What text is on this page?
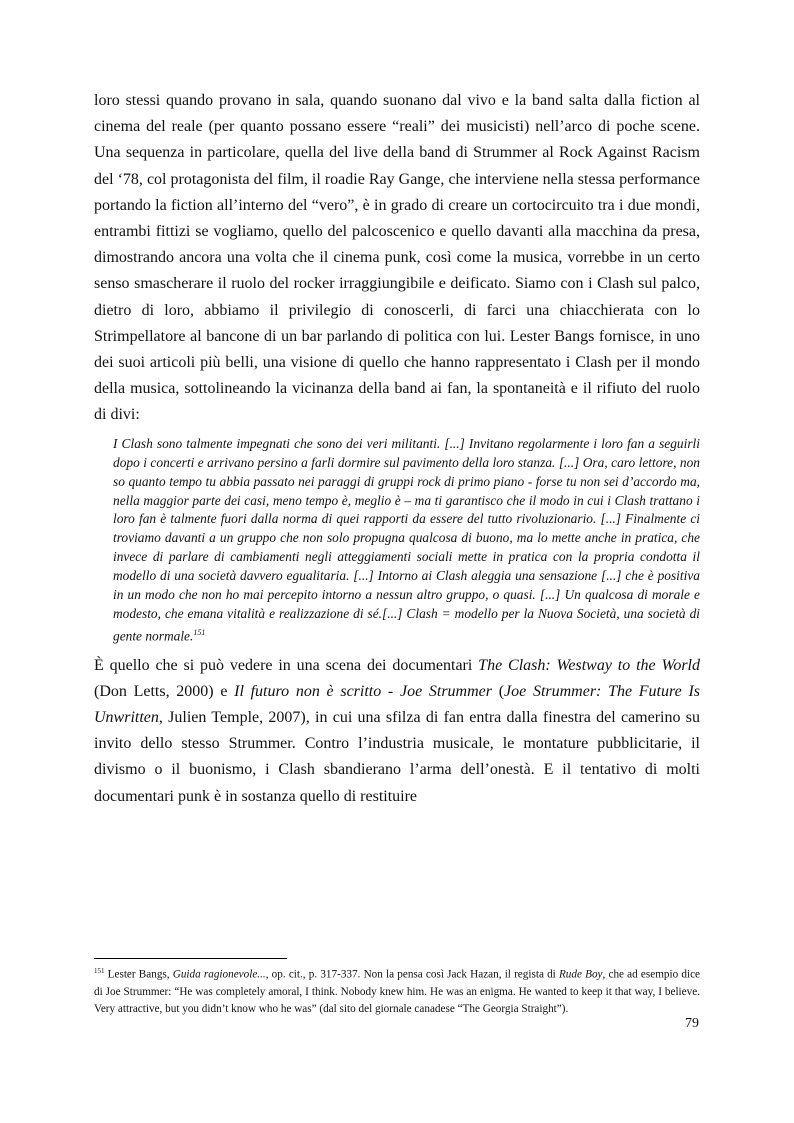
loro stessi quando provano in sala, quando suonano dal vivo e la band salta dalla fiction al cinema del reale (per quanto possano essere “reali” dei musicisti) nell’arco di poche scene. Una sequenza in particolare, quella del live della band di Strummer al Rock Against Racism del ‘78, col protagonista del film, il roadie Ray Gange, che interviene nella stessa performance portando la fiction all’interno del “vero”, è in grado di creare un cortocircuito tra i due mondi, entrambi fittizi se vogliamo, quello del palcoscenico e quello davanti alla macchina da presa, dimostrando ancora una volta che il cinema punk, così come la musica, vorrebbe in un certo senso smascherare il ruolo del rocker irraggiungibile e deificato. Siamo con i Clash sul palco, dietro di loro, abbiamo il privilegio di conoscerli, di farci una chiacchierata con lo Strimpellatore al bancone di un bar parlando di politica con lui. Lester Bangs fornisce, in uno dei suoi articoli più belli, una visione di quello che hanno rappresentato i Clash per il mondo della musica, sottolineando la vicinanza della band ai fan, la spontaneità e il rifiuto del ruolo di divi:

I Clash sono talmente impegnati che sono dei veri militanti. [...] Invitano regolarmente i loro fan a seguirli dopo i concerti e arrivano persino a farli dormire sul pavimento della loro stanza. [...] Ora, caro lettore, non so quanto tempo tu abbia passato nei paraggi di gruppi rock di primo piano - forse tu non sei d’accordo ma, nella maggior parte dei casi, meno tempo è, meglio è – ma ti garantisco che il modo in cui i Clash trattano i loro fan è talmente fuori dalla norma di quei rapporti da essere del tutto rivoluzionario. [...] Finalmente ci troviamo davanti a un gruppo che non solo propugna qualcosa di buono, ma lo mette anche in pratica, che invece di parlare di cambiamenti negli atteggiamenti sociali mette in pratica con la propria condotta il modello di una società davvero egualitaria. [...] Intorno ai Clash aleggia una sensazione [...] che è positiva in un modo che non ho mai percepito intorno a nessun altro gruppo, o quasi. [...] Un qualcosa di morale e modesto, che emana vitalità e realizzazione di sé.[...] Clash = modello per la Nuova Società, una società di gente normale.$^{151}$

È quello che si può vedere in una scena dei documentari The Clash: Westway to the World (Don Letts, 2000) e Il futuro non è scritto - Joe Strummer (Joe Strummer: The Future Is Unwritten, Julien Temple, 2007), in cui una sfilza di fan entra dalla finestra del camerino su invito dello stesso Strummer. Contro l’industria musicale, le montature pubblicitarie, il divismo o il buonismo, i Clash sbandierano l’arma dell’onestà. E il tentativo di molti documentari punk è in sostanza quello di restituire

$^{151}$ Lester Bangs, Guida ragionevole..., op. cit., p. 317-337. Non la pensa così Jack Hazan, il regista di Rude Boy, che ad esempio dice di Joe Strummer: “He was completely amoral, I think. Nobody knew him. He was an enigma. He wanted to keep it that way, I believe. Very attractive, but you didn’t know who he was” (dal sito del giornale canadese “The Georgia Straight”).

79
